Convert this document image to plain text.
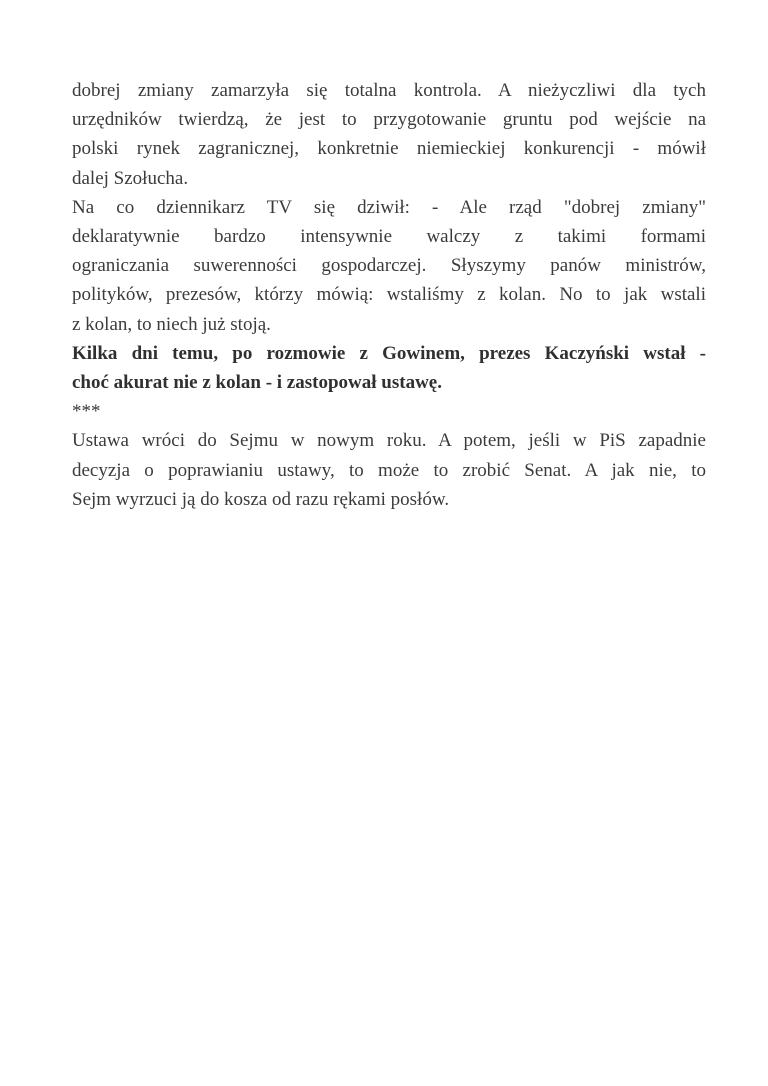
dobrej zmiany zamarzyła się totalna kontrola. A nieżyczliwi dla tych
urzędników twierdzą, że jest to przygotowanie gruntu pod wejście na
polski rynek zagranicznej, konkretnie niemieckiej konkurencji - mówił
dalej Szołucha.
Na co dziennikarz TV się dziwił: - Ale rząd "dobrej zmiany"
deklaratywnie bardzo intensywnie walczy z takimi formami
ograniczania suwerenności gospodarczej. Słyszymy panów ministrów,
polityków, prezesów, którzy mówią: wstaliśmy z kolan. No to jak wstali
z kolan, to niech już stoją.
Kilka dni temu, po rozmowie z Gowinem, prezes Kaczyński wstał -
choć akurat nie z kolan - i zastopował ustawę.
***
Ustawa wróci do Sejmu w nowym roku. A potem, jeśli w PiS zapadnie
decyzja o poprawianiu ustawy, to może to zrobić Senat. A jak nie, to
Sejm wyrzuci ją do kosza od razu rękami posłów.
